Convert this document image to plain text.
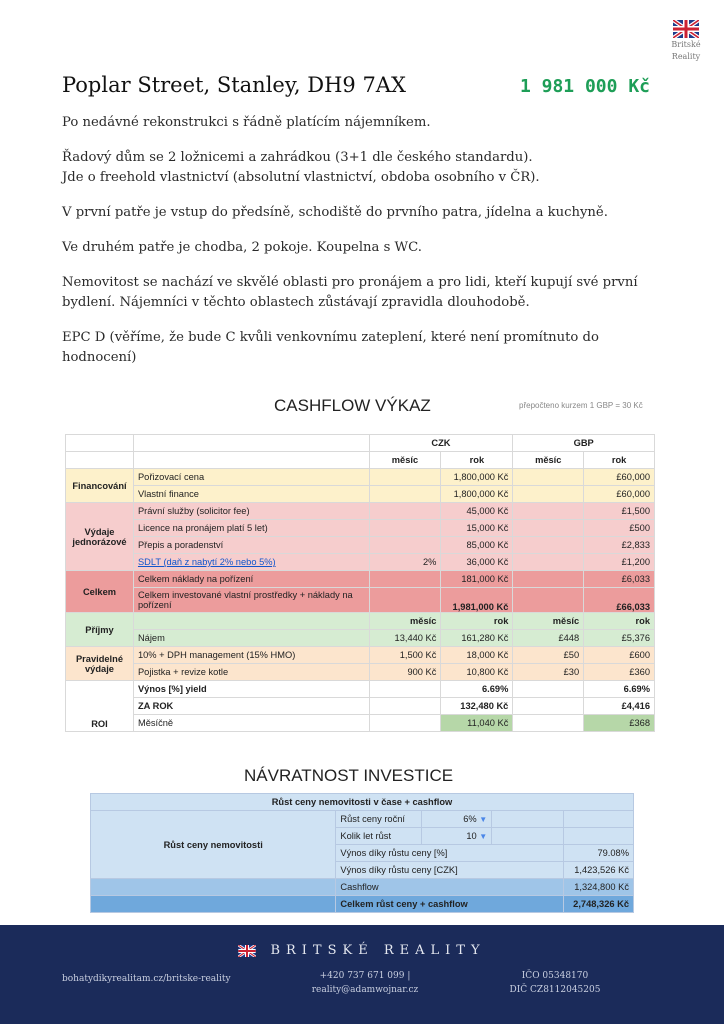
Britské
Reality
Poplar Street, Stanley, DH9 7AX	1 981 000 Kč

Po nedávné rekonstrukci s řádně platícím nájemníkem.

Řadový dům se 2 ložnicemi a zahrádkou (3+1 dle českého standardu).
Jde o freehold vlastnictví (absolutní vlastnictví, obdoba osobního v ČR).

V první patře je vstup do předsíně, schodiště do prvního patra, jídelna a kuchyně.

Ve druhém patře je chodba, 2 pokoje. Koupelna s WC.

Nemovitost se nachází ve skvělé oblasti pro pronájem a pro lidi, kteří kupují své první bydlení. Nájemníci v těchto oblastech zůstávají zpravidla dlouhodobě.

EPC D (věříme, že bude C kvůli venkovnímu zateplení, které není promítnuto do hodnocení)

CASHFLOW VÝKAZ	přepočteno kurzem 1 GBP = 30 Kč
		CZK		GBP	
		měsíc	rok	měsíc	rok
Financování	Pořizovací cena		1,800,000 Kč		£60,000
	Vlastní finance		1,800,000 Kč		£60,000
Výdaje jednorázové	Právní služby (solicitor fee)		45,000 Kč		£1,500
	Licence na pronájem platí 5 let)		15,000 Kč		£500
	Přepis a poradenství		85,000 Kč		£2,833
	SDLT (daň z nabytí 2% nebo 5%)	2%	36,000 Kč		£1,200
Celkem	Celkem náklady na pořízení		181,000 Kč		£6,033
	Celkem investované vlastní prostředky + náklady na pořízení		1,981,000 Kč		£66,033
Příjmy		měsíc	rok	měsíc	rok
	Nájem	13,440 Kč	161,280 Kč	£448	£5,376
Pravidelné výdaje	10% + DPH management (15% HMO)	1,500 Kč	18,000 Kč	£50	£600
	Pojistka + revize kotle	900 Kč	10,800 Kč	£30	£360
ROI	Výnos [%] yield		6.69%		6.69%
	ZA ROK		132,480 Kč		£4,416
	Měsíčně		11,040 Kč		£368
NÁVRATNOST INVESTICE
Růst ceny nemovitosti v čase + cashflow				
Růst ceny nemovitosti	Růst ceny roční	6% ▼		
	Kolik let růst	10 ▼		
	Výnos díky růstu ceny [%]			79.08%
	Výnos díky růstu ceny [CZK]			1,423,526 Kč
	Cashflow			1,324,800 Kč
	Celkem růst ceny + cashflow			2,748,326 Kč
BRITSKÉ REALITY
bohatydikyrealitam.cz/britske-reality	+420 737 671 099 |
reality@adamwojnar.cz
IČO 05348170
DIČ CZ8112045205
